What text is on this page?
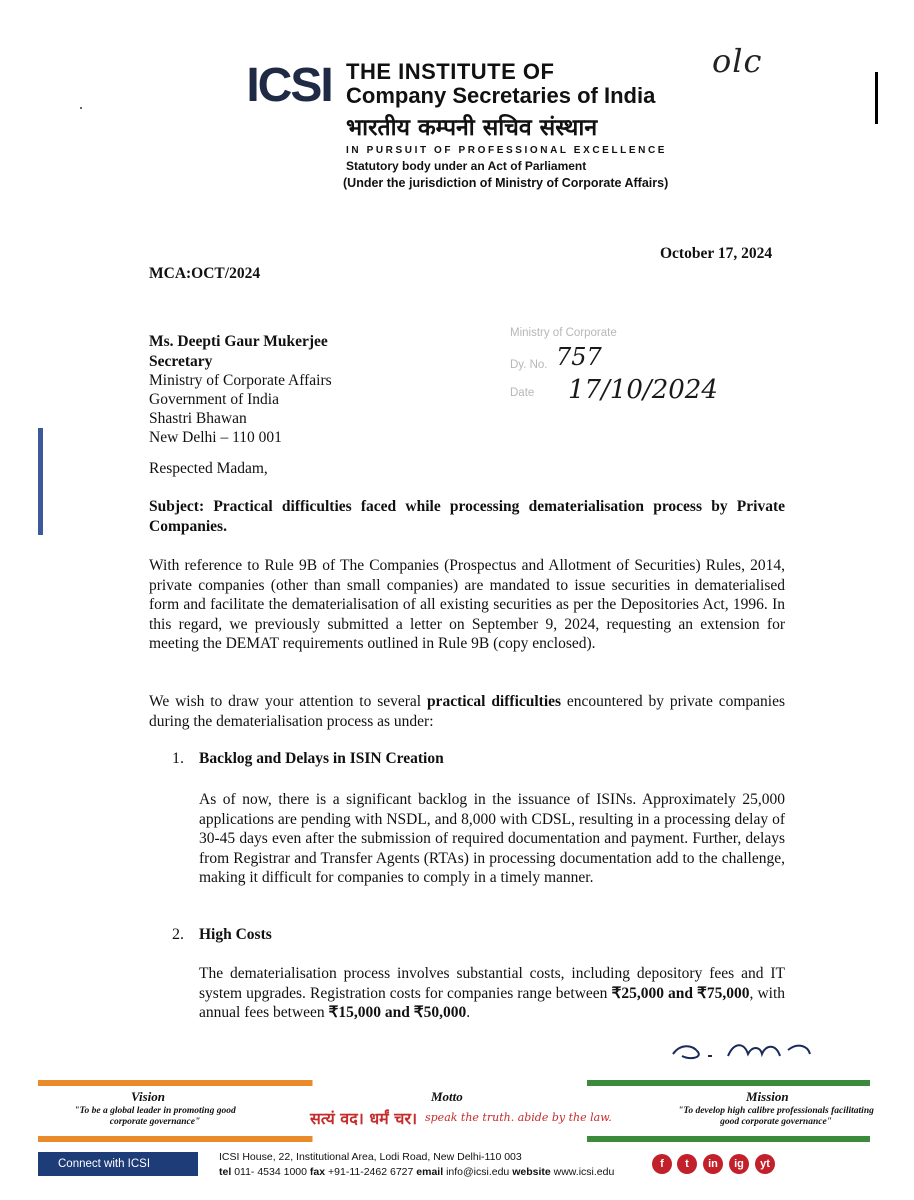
ICSI THE INSTITUTE OF
Company Secretaries of India
भारतीय कम्पनी सचिव संस्थान
IN PURSUIT OF PROFESSIONAL EXCELLENCE
Statutory body under an Act of Parliament
(Under the jurisdiction of Ministry of Corporate Affairs)
olc
October 17, 2024
MCA:OCT/2024
Ms. Deepti Gaur Mukerjee
Secretary
Ministry of Corporate Affairs
Government of India
Shastri Bhawan
New Delhi – 110 001
Ministry of Corporate
Dy. No. 757
Date 17/10/2024
Respected Madam,
Subject: Practical difficulties faced while processing dematerialisation process by Private Companies.
With reference to Rule 9B of The Companies (Prospectus and Allotment of Securities) Rules, 2014, private companies (other than small companies) are mandated to issue securities in dematerialised form and facilitate the dematerialisation of all existing securities as per the Depositories Act, 1996. In this regard, we previously submitted a letter on September 9, 2024, requesting an extension for meeting the DEMAT requirements outlined in Rule 9B (copy enclosed).
We wish to draw your attention to several practical difficulties encountered by private companies during the dematerialisation process as under:
1. Backlog and Delays in ISIN Creation
As of now, there is a significant backlog in the issuance of ISINs. Approximately 25,000 applications are pending with NSDL, and 8,000 with CDSL, resulting in a processing delay of 30-45 days even after the submission of required documentation and payment. Further, delays from Registrar and Transfer Agents (RTAs) in processing documentation add to the challenge, making it difficult for companies to comply in a timely manner.
2. High Costs
The dematerialisation process involves substantial costs, including depository fees and IT system upgrades. Registration costs for companies range between ₹25,000 and ₹75,000, with annual fees between ₹15,000 and ₹50,000.
Vision
"To be a global leader in promoting good corporate governance"
Motto
सत्यं वद। धर्मं चर। speak the truth. abide by the law.
Mission
"To develop high calibre professionals facilitating good corporate governance"
Connect with ICSI
ICSI House, 22, Institutional Area, Lodi Road, New Delhi-110 003
tel 011- 4534 1000 fax +91-11-2462 6727 email info@icsi.edu website www.icsi.edu
f	t	in	ig	yt
